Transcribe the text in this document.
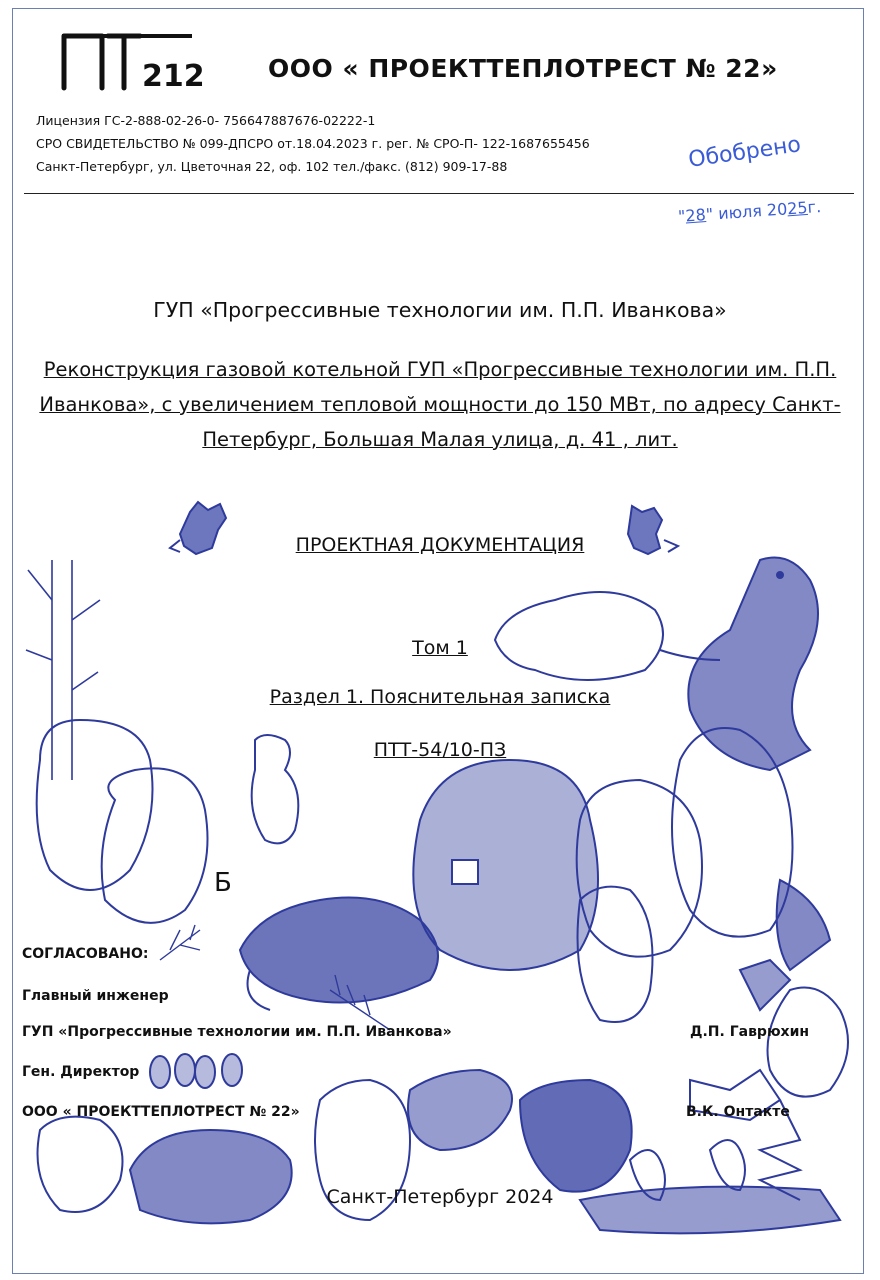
212	ООО « ПРОЕКТТЕПЛОТРЕСТ № 22»
Лицензия ГС-2-888-02-26-0- 756647887676-02222-1
СРО СВИДЕТЕЛЬСТВО № 099-ДПСРО от.18.04.2023 г. рег. № СРО-П- 122-1687655456
Санкт-Петербург, ул. Цветочная 22, оф. 102 тел./факс. (812) 909-17-88	Обобрено
"28" июля 2025г.
ГУП «Прогрессивные технологии им. П.П. Иванкова»
Реконструкция газовой котельной ГУП «Прогрессивные технологии им. П.П. Иванкова», с увеличением тепловой мощности до 150 МВт, по адресу Санкт-Петербург, Большая Малая улица, д. 41 , лит.
ПРОЕКТНАЯ ДОКУМЕНТАЦИЯ
Том 1
Раздел 1. Пояснительная записка
ПТТ-54/10-ПЗ
Б
СОГЛАСОВАНО:
Главный инженер
ГУП «Прогрессивные технологии им. П.П. Иванкова»	Д.П. Гаврюхин
Ген. Директор
ООО « ПРОЕКТТЕПЛОТРЕСТ № 22»	В.К. Онтакте
Санкт-Петербург 2024
